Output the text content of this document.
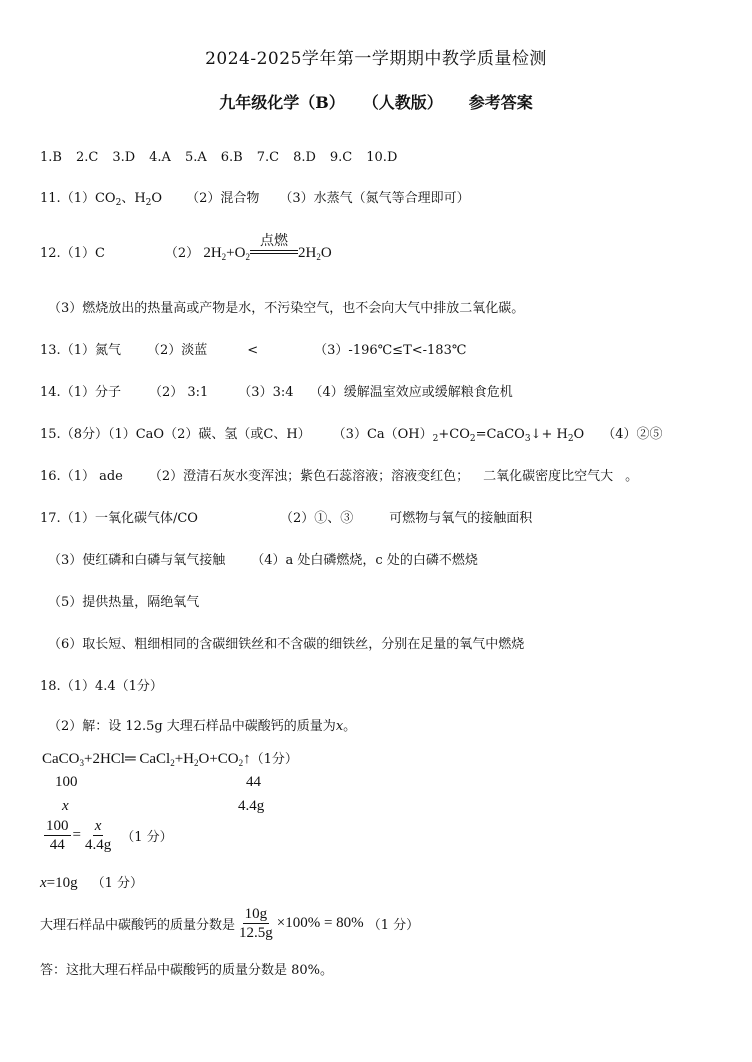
2024-2025学年第一学期期中教学质量检测
九年级化学（B） （人教版） 参考答案
1.B 2.C 3.D 4.A 5.A 6.B 7.C 8.D 9.C 10.D
$11.(1)CO_2$、$H_2O$ （2）混合物 （3）水蒸气（氮气等合理即可）
12.（1）C	（2） $2H_2+O_2$
点燃
$2H_2O$
（3）燃烧放出的热量高或产物是水，不污染空气，也不会向大气中排放二氧化碳。
13.（1）氮气 （2）淡蓝	<	（3）-196℃≤T<-183℃
14.（1）分子 （2） 3:1 （3）3:4 （4）缓解温室效应或缓解粮食危机
15.（8分）（1）CaO（2）碳、氢（或C、H） $(3)Ca(OH)_2+CO_2=CaCO_3↓+ H_2O$ （4）②⑤
16.（1） ade （2）澄清石灰水变浑浊；紫色石蕊溶液；溶液变红色； 二氧化碳密度比空气大 。
17.（1）一氧化碳气体/CO	（2）①、③	可燃物与氧气的接触面积
（3）使红磷和白磷与氧气接触 （4）a 处白磷燃烧，c 处的白磷不燃烧
（5）提供热量，隔绝氧气
（6）取长短、粗细相同的含碳细铁丝和不含碳的细铁丝，分别在足量的氧气中燃烧
18.（1）4.4（1分）
（2）解：设 12.5g 大理石样品中碳酸钙的质量为x。
CaCO$_3$+2HCl═ $CaCl_2+H_2O+CO_2↑(1$分）
100	44
x	4.4g
$\frac{100}{44} = \frac{x}{4.4g} (1$ 分）
x=10g （1 分）
大理石样品中碳酸钙的质量分数是 $\frac{10g}{12.5g} \times 100\% = 80\%$ （1 分）
答：这批大理石样品中碳酸钙的质量分数是 80%。
